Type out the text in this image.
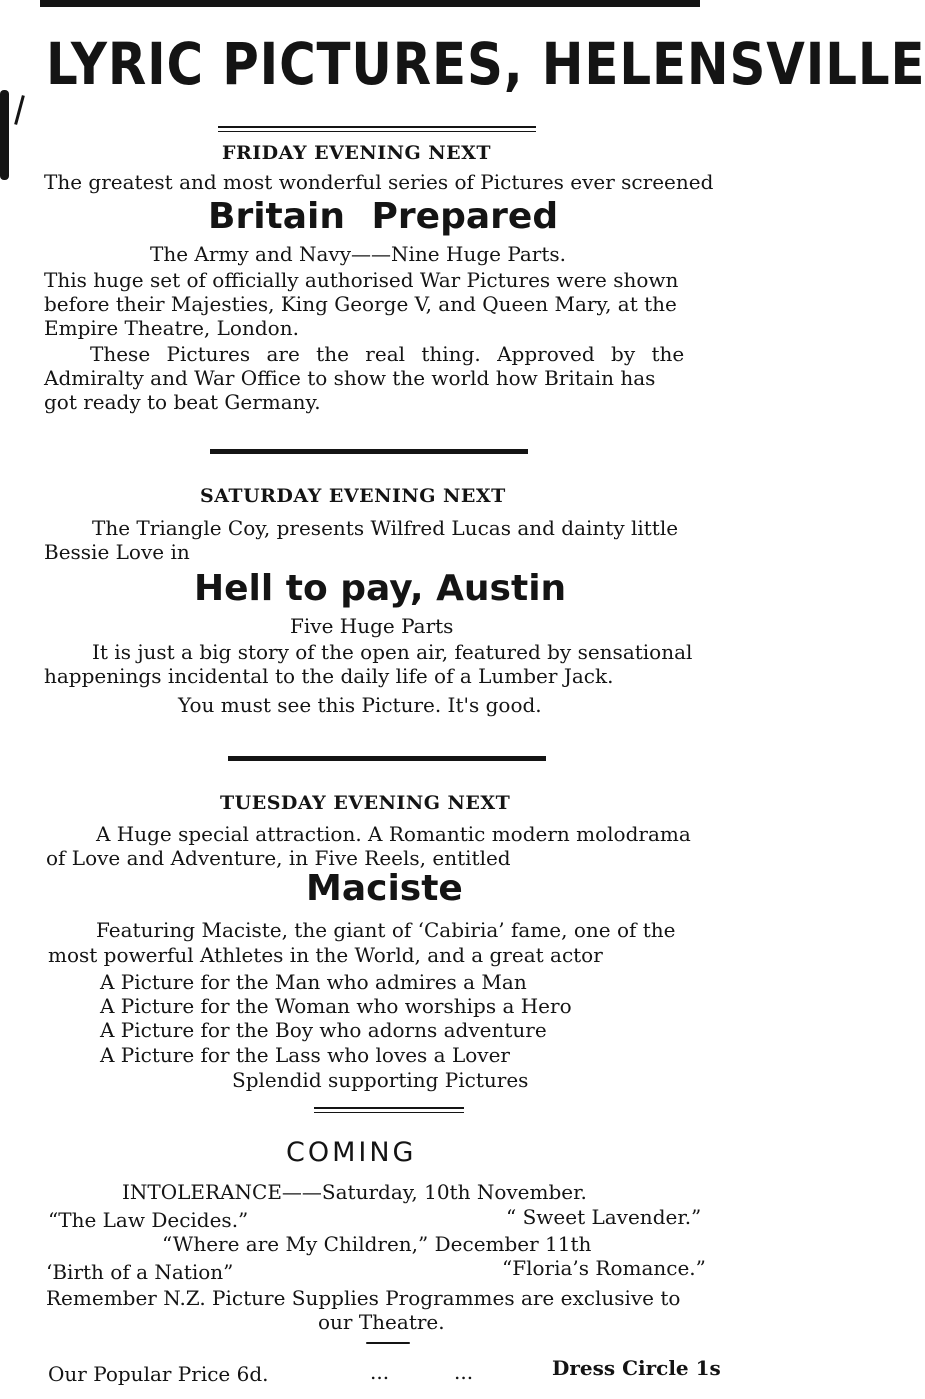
LYRIC PICTURES, HELENSVILLE
FRIDAY EVENING NEXT
The greatest and most wonderful series of Pictures ever screened
Britain Prepared
The Army and Navy——Nine Huge Parts.
This huge set of officially authorised War Pictures were shown
before their Majesties, King George V, and Queen Mary, at the
Empire Theatre, London.
These Pictures are the real thing. Approved by the
Admiralty and War Office to show the world how Britain has
got ready to beat Germany.
SATURDAY EVENING NEXT
The Triangle Coy, presents Wilfred Lucas and dainty little
Bessie Love in
Hell to pay, Austin
Five Huge Parts
It is just a big story of the open air, featured by sensational
happenings incidental to the daily life of a Lumber Jack.
You must see this Picture. It's good.
TUESDAY EVENING NEXT
A Huge special attraction. A Romantic modern molodrama
of Love and Adventure, in Five Reels, entitled
Maciste
Featuring Maciste, the giant of ‘Cabiria’ fame, one of the
most powerful Athletes in the World, and a great actor
A Picture for the Man who admires a Man
A Picture for the Woman who worships a Hero
A Picture for the Boy who adorns adventure
A Picture for the Lass who loves a Lover
Splendid supporting Pictures
COMING
INTOLERANCE——Saturday, 10th November.
“The Law Decides.”	“ Sweet Lavender.”
“Where are My Children,” December 11th
‘Birth of a Nation”	“Floria’s Romance.”
Remember N.Z. Picture Supplies Programmes are exclusive to
our Theatre.
Our Popular Price 6d.	...	...	Dress Circle 1s
